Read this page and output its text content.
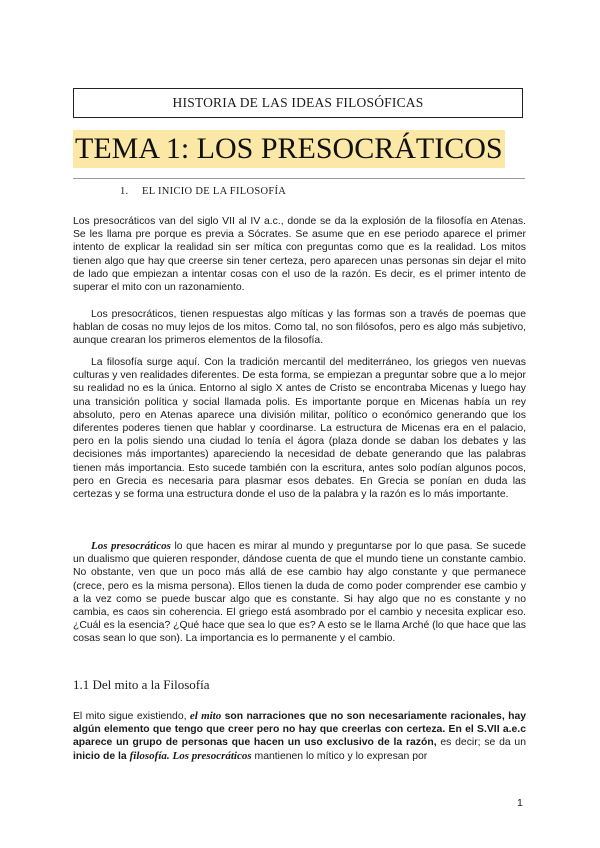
HISTORIA DE LAS IDEAS FILOSÓFICAS
TEMA 1: LOS PRESOCRÁTICOS
1. EL INICIO DE LA FILOSOFÍA

Los presocráticos van del siglo VII al IV a.c., donde se da la explosión de la filosofía en Atenas. Se les llama pre porque es previa a Sócrates. Se asume que en ese periodo aparece el primer intento de explicar la realidad sin ser mítica con preguntas como que es la realidad. Los mitos tienen algo que hay que creerse sin tener certeza, pero aparecen unas personas sin dejar el mito de lado que empiezan a intentar cosas con el uso de la razón. Es decir, es el primer intento de superar el mito con un razonamiento.

Los presocráticos, tienen respuestas algo míticas y las formas son a través de poemas que hablan de cosas no muy lejos de los mitos. Como tal, no son filósofos, pero es algo más subjetivo, aunque crearan los primeros elementos de la filosofía.

La filosofía surge aquí. Con la tradición mercantil del mediterráneo, los griegos ven nuevas culturas y ven realidades diferentes. De esta forma, se empiezan a preguntar sobre que a lo mejor su realidad no es la única. Entorno al siglo X antes de Cristo se encontraba Micenas y luego hay una transición política y social llamada polis. Es importante porque en Micenas había un rey absoluto, pero en Atenas aparece una división militar, político o económico generando que los diferentes poderes tienen que hablar y coordinarse. La estructura de Micenas era en el palacio, pero en la polis siendo una ciudad lo tenía el ágora (plaza donde se daban los debates y las decisiones más importantes) apareciendo la necesidad de debate generando que las palabras tienen más importancia. Esto sucede también con la escritura, antes solo podían algunos pocos, pero en Grecia es necesaria para plasmar esos debates. En Grecia se ponían en duda las certezas y se forma una estructura donde el uso de la palabra y la razón es lo más importante.

Los presocráticos lo que hacen es mirar al mundo y preguntarse por lo que pasa. Se sucede un dualismo que quieren responder, dándose cuenta de que el mundo tiene un constante cambio. No obstante, ven que un poco más allá de ese cambio hay algo constante y que permanece (crece, pero es la misma persona). Ellos tienen la duda de como poder comprender ese cambio y a la vez como se puede buscar algo que es constante. Si hay algo que no es constante y no cambia, es caos sin coherencia. El griego está asombrado por el cambio y necesita explicar eso. ¿Cuál es la esencia? ¿Qué hace que sea lo que es? A esto se le llama Arché (lo que hace que las cosas sean lo que son). La importancia es lo permanente y el cambio.

1.1 Del mito a la Filosofía

El mito sigue existiendo, el mito son narraciones que no son necesariamente racionales, hay algún elemento que tengo que creer pero no hay que creerlas con certeza. En el S.VII a.e.c aparece un grupo de personas que hacen un uso exclusivo de la razón, es decir; se da un inicio de la filosofía. Los presocráticos mantienen lo mítico y lo expresan por

1
